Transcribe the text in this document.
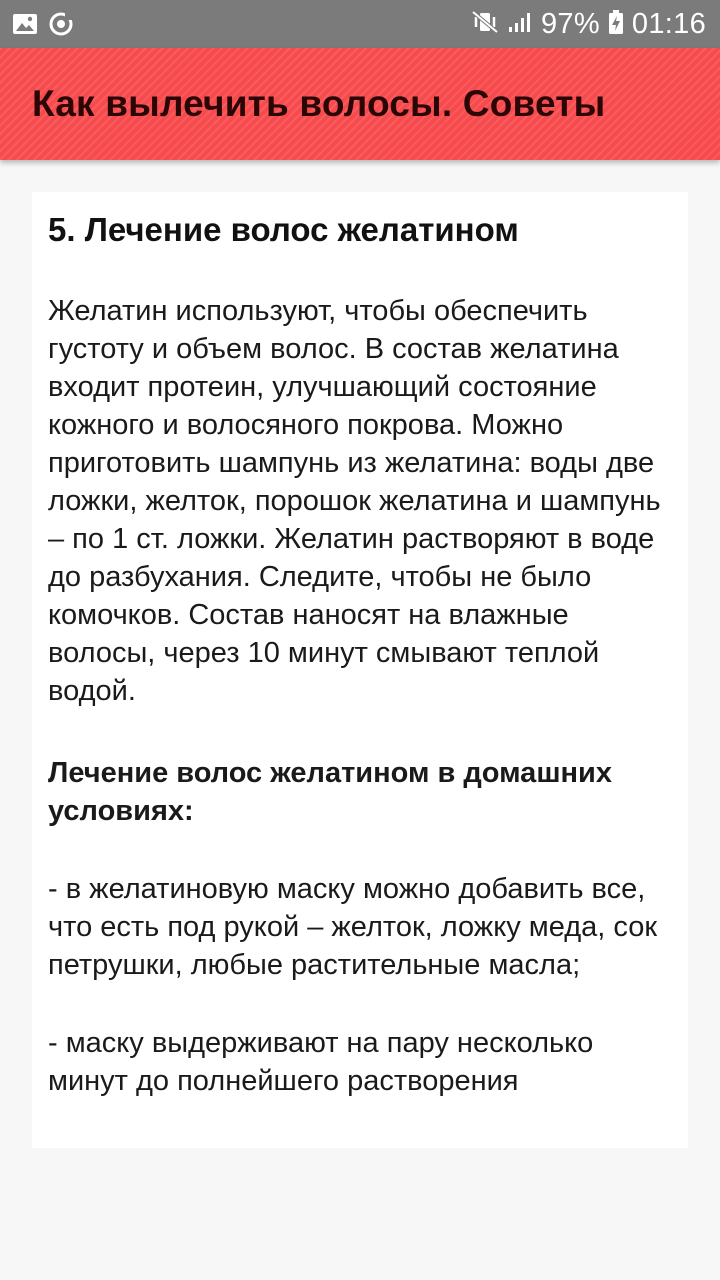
97% 01:16
Как вылечить волосы. Советы
5. Лечение волос желатином

Желатин используют, чтобы обеспечить густоту и объем волос. В состав желатина входит протеин, улучшающий состояние кожного и волосяного покрова. Можно приготовить шампунь из желатина: воды две ложки, желток, порошок желатина и шампунь – по 1 ст. ложки. Желатин растворяют в воде до разбухания. Следите, чтобы не было комочков. Состав наносят на влажные волосы, через 10 минут смывают теплой водой.

Лечение волос желатином в домашних условиях:

- в желатиновую маску можно добавить все, что есть под рукой – желток, ложку меда, сок петрушки, любые растительные масла;

- маску выдерживают на пару несколько минут до полнейшего растворения
